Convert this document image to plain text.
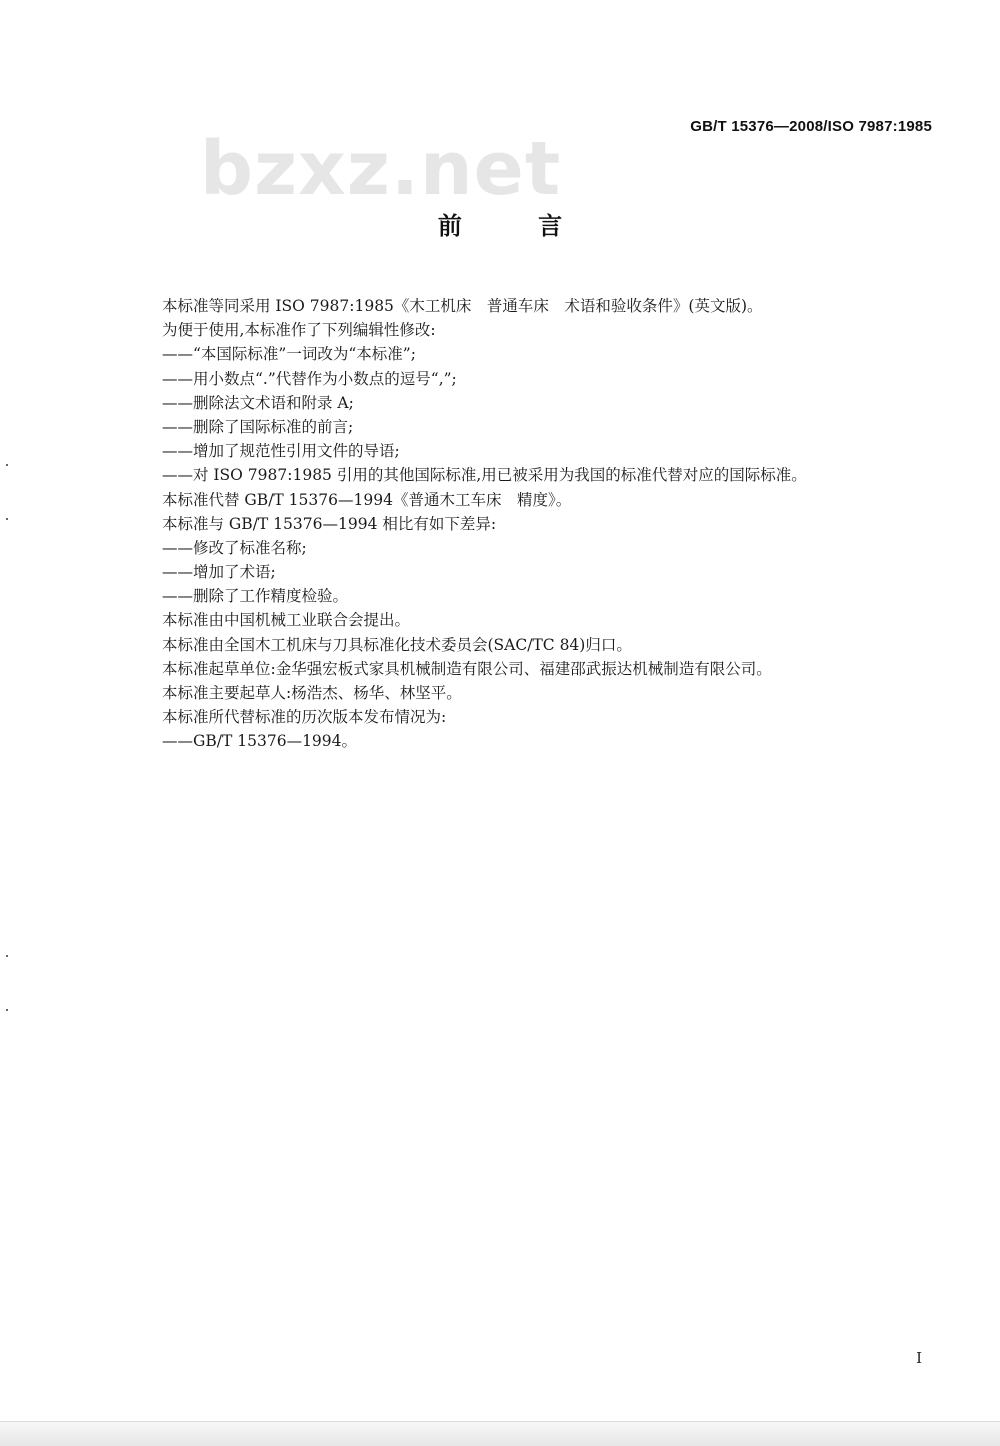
bzxz.net	GB/T 15376—2008/ISO 7987:1985
前 言
本标准等同采用 ISO 7987:1985《木工机床　普通车床　术语和验收条件》(英文版)。
为便于使用,本标准作了下列编辑性修改:
——“本国际标准”一词改为“本标准”;
——用小数点“.”代替作为小数点的逗号“,”;
——删除法文术语和附录 A;
——删除了国际标准的前言;
——增加了规范性引用文件的导语;
——对 ISO 7987:1985 引用的其他国际标准,用已被采用为我国的标准代替对应的国际标准。
本标准代替 GB/T 15376—1994《普通木工车床　精度》。
本标准与 GB/T 15376—1994 相比有如下差异:
——修改了标准名称;
——增加了术语;
——删除了工作精度检验。
本标准由中国机械工业联合会提出。
本标准由全国木工机床与刀具标准化技术委员会(SAC/TC 84)归口。
本标准起草单位:金华强宏板式家具机械制造有限公司、福建邵武振达机械制造有限公司。
本标准主要起草人:杨浩杰、杨华、林坚平。
本标准所代替标准的历次版本发布情况为:
——GB/T 15376—1994。
I
